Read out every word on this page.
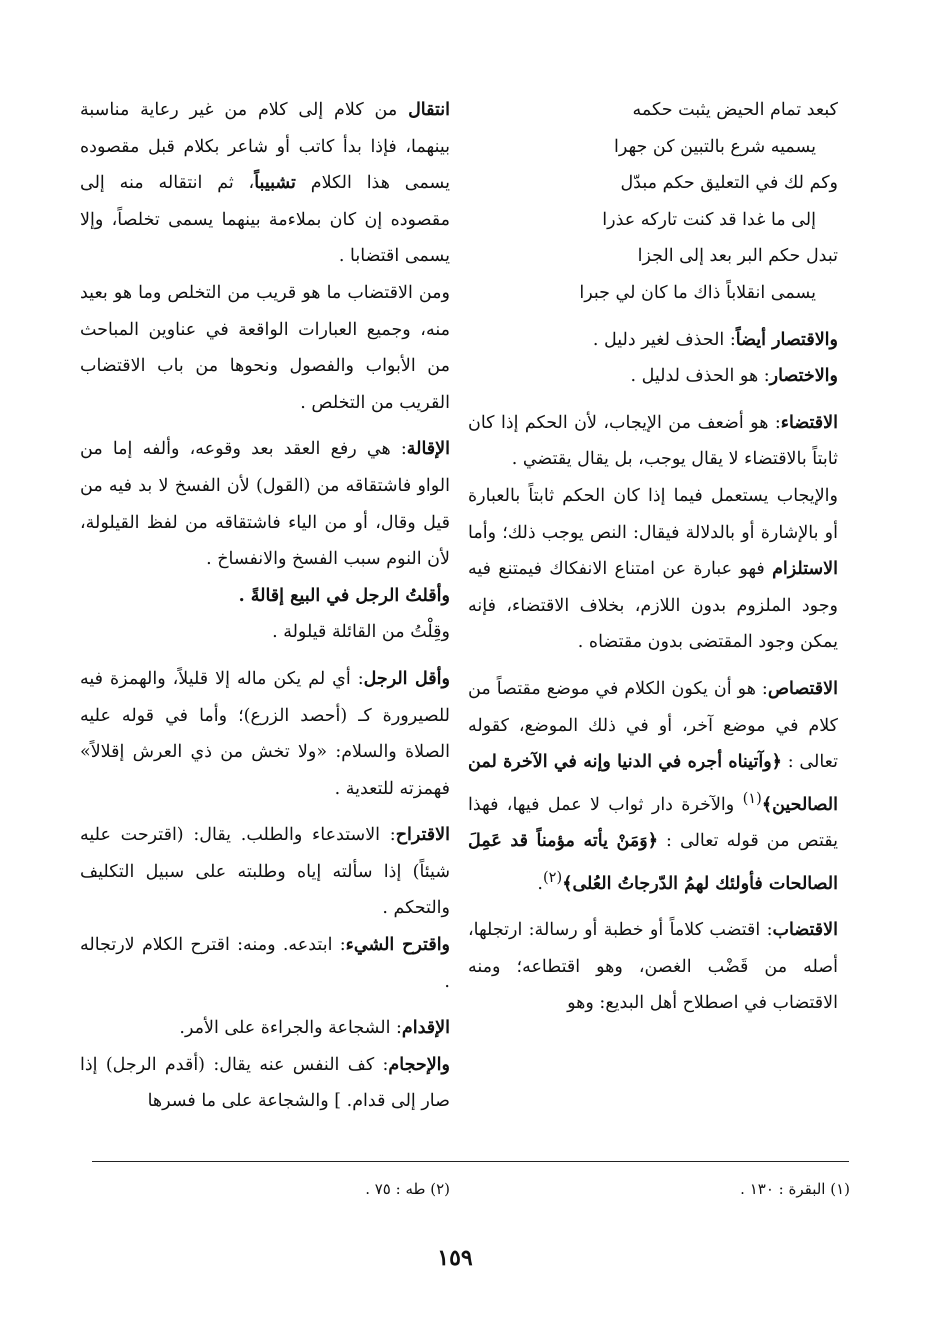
كبعد تمام الحيض يثبت حكمه

يسميه شرع بالتبين كن جهرا

وكم لك في التعليق حكم مبدّل

إلى ما غدا قد كنت تاركه عذرا

تبدل حكم البر بعد إلى الجزا

يسمى انقلاباً ذاك ما كان لي جبرا

والاقتصار أيضاً: الحذف لغير دليل .

والاختصار: هو الحذف لدليل .

الاقتضاء: هو أضعف من الإيجاب، لأن الحكم إذا كان ثابتاً بالاقتضاء لا يقال يوجب، بل يقال يقتضي .

والإيجاب يستعمل فيما إذا كان الحكم ثابتاً بالعبارة أو بالإشارة أو بالدلالة فيقال: النص يوجب ذلك؛ وأما الاستلزام فهو عبارة عن امتناع الانفكاك فيمتنع فيه وجود الملزوم بدون اللازم، بخلاف الاقتضاء، فإنه يمكن وجود المقتضى بدون مقتضاه .

الاقتصاص: هو أن يكون الكلام في موضع مقتصاً من كلام في موضع آخر، أو في ذلك الموضع، كقوله تعالى : ﴿وآتيناه أجره في الدنيا وإنه في الآخرة لمن الصالحين﴾$^{(١)}$ والآخرة دار ثواب لا عمل فيها، فهذا يقتص من قوله تعالى : ﴿وَمَنْ يأته مؤمناً قد عَمِلَ الصالحات فأولئك لهمُ الدّرجاتُ العُلى﴾$^{(٢)}$.

الاقتضاب: اقتضب كلاماً أو خطبة أو رسالة: ارتجلها، أصله من قَضْب الغصن، وهو اقتطاعه؛ ومنه الاقتضاب في اصطلاح أهل البديع: وهو

انتقال من كلام إلى كلام من غير رعاية مناسبة بينهما، فإذا بدأ كاتب أو شاعر بكلام قبل مقصوده يسمى هذا الكلام تشبيباً، ثم انتقاله منه إلى مقصوده إن كان بملاءمة بينهما يسمى تخلصاً، وإلا يسمى اقتضابا .

ومن الاقتضاب ما هو قريب من التخلص وما هو بعيد منه، وجميع العبارات الواقعة في عناوين المباحث من الأبواب والفصول ونحوها من باب الاقتضاب القريب من التخلص .

الإقالة: هي رفع العقد بعد وقوعه، وألفه إما من الواو فاشتقاقه من (القول) لأن الفسخ لا بد فيه من قيل وقال، أو من الياء فاشتقاقه من لفظ القيلولة، لأن النوم سبب الفسخ والانفساخ .

وأقلتُ الرجل في البيع إقالةً .

وقِلْتُ من القائلة قيلولة .

وأقل الرجل: أي لم يكن ماله إلا قليلاً، والهمزة فيه للصيرورة كـ (أحصد الزرع)؛ وأما في قوله عليه الصلاة والسلام: «ولا تخش من ذي العرش إقلالاً» فهمزته للتعدية .

الاقتراح: الاستدعاء والطلب. يقال: (اقترحت عليه شيئاً) إذا سألته إياه وطلبته على سبيل التكليف والتحكم .

واقترح الشيء: ابتدعه. ومنه: اقترح الكلام لارتجاله .

الإقدام: الشجاعة والجراءة على الأمر.

والإحجام: كف النفس عنه يقال: (أقدم الرجل) إذا صار إلى قدام. ] والشجاعة على ما فسرها

(١) البقرة : ١٣٠ .
(٢) طه : ٧٥ .
١٥٩
